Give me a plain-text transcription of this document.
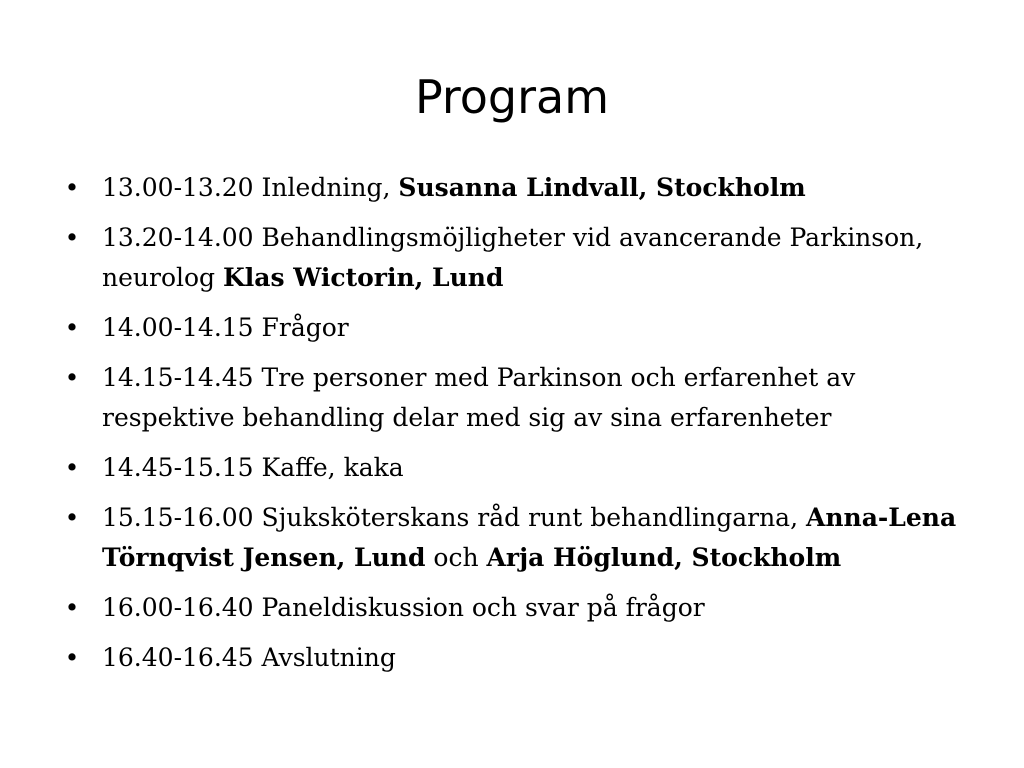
Program
• 13.00-13.20 Inledning, Susanna Lindvall, Stockholm
• 13.20-14.00 Behandlingsmöjligheter vid avancerande Parkinson, neurolog Klas Wictorin, Lund
• 14.00-14.15 Frågor
• 14.15-14.45 Tre personer med Parkinson och erfarenhet av respektive behandling delar med sig av sina erfarenheter
• 14.45-15.15 Kaffe, kaka
• 15.15-16.00 Sjuksköterskans råd runt behandlingarna, Anna-Lena Törnqvist Jensen, Lund och Arja Höglund, Stockholm
• 16.00-16.40 Paneldiskussion och svar på frågor
• 16.40-16.45 Avslutning
